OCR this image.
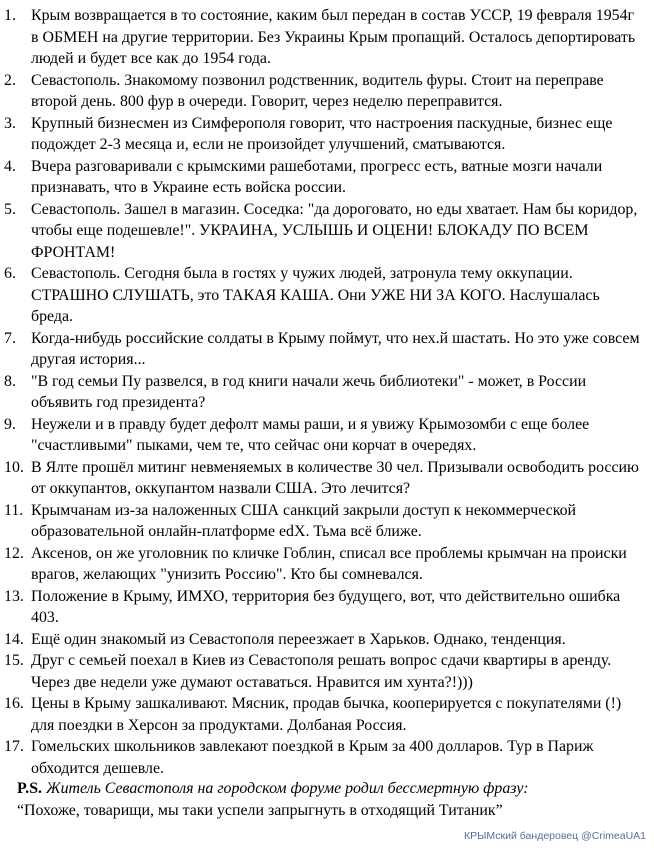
1. Крым возвращается в то состояние, каким был передан в состав УССР, 19 февраля 1954г в ОБМЕН на другие территории. Без Украины Крым пропащий. Осталось депортировать людей и будет все как до 1954 года.
2. Севастополь. Знакомому позвонил родственник, водитель фуры. Стоит на переправе второй день. 800 фур в очереди. Говорит, через неделю переправится.
3. Крупный бизнесмен из Симферополя говорит, что настроения паскудные, бизнес еще подождет 2-3 месяца и, если не произойдет улучшений, сматываются.
4. Вчера разговаривали с крымскими рашеботами, прогресс есть, ватные мозги начали признавать, что в Украине есть войска россии.
5. Севастополь. Зашел в магазин. Соседка: "да дороговато, но еды хватает. Нам бы коридор, чтобы еще подешевле!". УКРАИНА, УСЛЫШЬ И ОЦЕНИ! БЛОКАДУ ПО ВСЕМ ФРОНТАМ!
6. Севастополь. Сегодня была в гостях у чужих людей, затронула тему оккупации. СТРАШНО СЛУШАТЬ, это ТАКАЯ КАША. Они УЖЕ НИ ЗА КОГО. Наслушалась бреда.
7. Когда-нибудь российские солдаты в Крыму поймут, что нех.й шастать. Но это уже совсем другая история...
8. "В год семьи Пу развелся, в год книги начали жечь библиотеки" - может, в России объявить год президента?
9. Неужели и в правду будет дефолт мамы раши, и я увижу Крымозомби с еще более "счастливыми" пыками, чем те, что сейчас они корчат в очередях.
10. В Ялте прошёл митинг невменяемых в количестве 30 чел. Призывали освободить россию от оккупантов, оккупантом назвали США. Это лечится?
11. Крымчанам из-за наложенных США санкций закрыли доступ к некоммерческой образовательной онлайн-платформе edX. Тьма всё ближе.
12. Аксенов, он же уголовник по кличке Гоблин, списал все проблемы крымчан на происки врагов, желающих "унизить Россию". Кто бы сомневался.
13. Положение в Крыму, ИМХО, территория без будущего, вот, что действительно ошибка 403.
14. Ещё один знакомый из Севастополя переезжает в Харьков. Однако, тенденция.
15. Друг с семьей поехал в Киев из Севастополя решать вопрос сдачи квартиры в аренду. Через две недели уже думают оставаться. Нравится им хунта?!)))
16. Цены в Крыму зашкаливают. Мясник, продав бычка, кооперируется с покупателями (!) для поездки в Херсон за продуктами. Долбаная Россия.
17. Гомельских школьников завлекают поездкой в Крым за 400 долларов. Тур в Париж обходится дешевле.
P.S. Житель Севастополя на городском форуме родил бессмертную фразу:
“Похоже, товарищи, мы таки успели запрыгнуть в отходящий Титаник”
КРЫМский бандеровец @CrimeaUA1
